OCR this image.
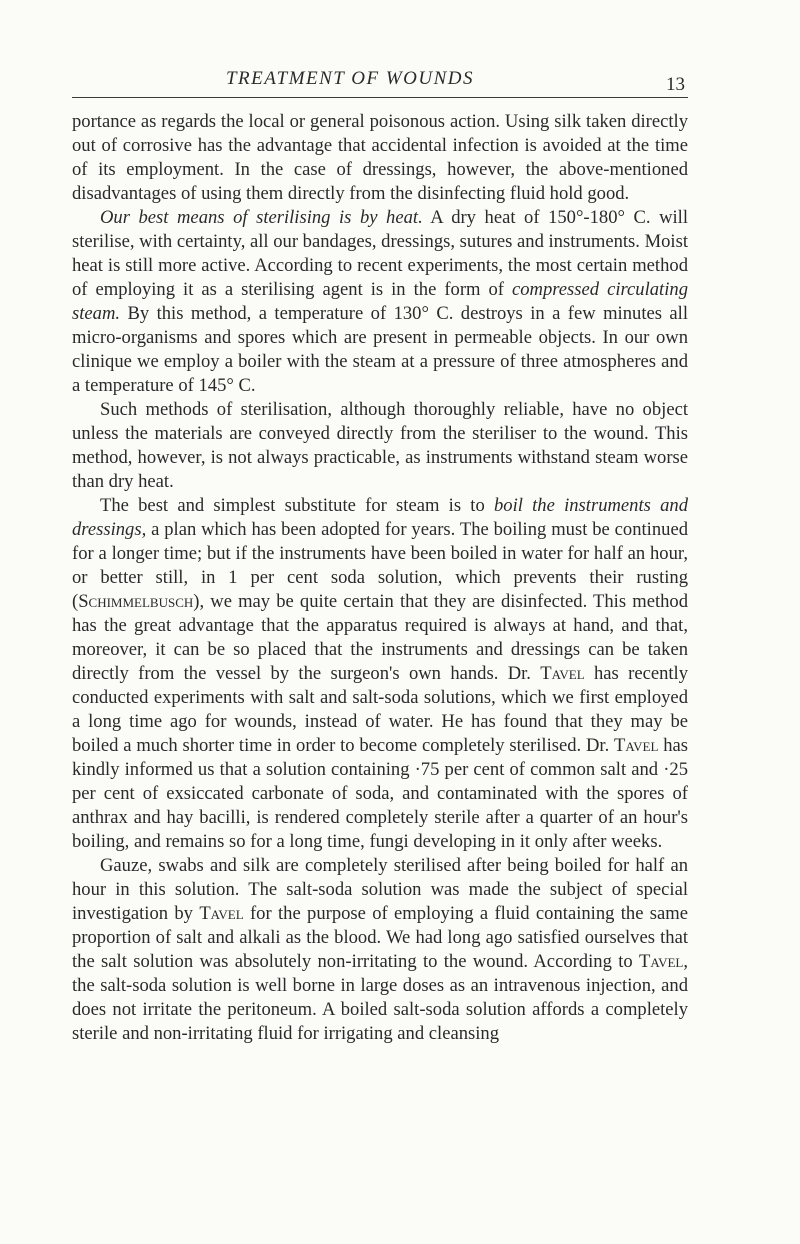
TREATMENT OF WOUNDS	13

portance as regards the local or general poisonous action. Using silk taken directly out of corrosive has the advantage that accidental infection is avoided at the time of its employment. In the case of dressings, however, the above-mentioned disadvantages of using them directly from the disinfecting fluid hold good.

Our best means of sterilising is by heat. A dry heat of 150°-180° C. will sterilise, with certainty, all our bandages, dressings, sutures and instruments. Moist heat is still more active. According to recent experiments, the most certain method of employing it as a sterilising agent is in the form of compressed circulating steam. By this method, a temperature of 130° C. destroys in a few minutes all micro-organisms and spores which are present in permeable objects. In our own clinique we employ a boiler with the steam at a pressure of three atmospheres and a temperature of 145° C.

Such methods of sterilisation, although thoroughly reliable, have no object unless the materials are conveyed directly from the steriliser to the wound. This method, however, is not always practicable, as instruments withstand steam worse than dry heat.

The best and simplest substitute for steam is to boil the instruments and dressings, a plan which has been adopted for years. The boiling must be continued for a longer time; but if the instruments have been boiled in water for half an hour, or better still, in 1 per cent soda solution, which prevents their rusting (Schimmelbusch), we may be quite certain that they are disinfected. This method has the great advantage that the apparatus required is always at hand, and that, moreover, it can be so placed that the instruments and dressings can be taken directly from the vessel by the surgeon's own hands. Dr. Tavel has recently conducted experiments with salt and salt-soda solutions, which we first employed a long time ago for wounds, instead of water. He has found that they may be boiled a much shorter time in order to become completely sterilised. Dr. Tavel has kindly informed us that a solution containing ·75 per cent of common salt and ·25 per cent of exsiccated carbonate of soda, and contaminated with the spores of anthrax and hay bacilli, is rendered completely sterile after a quarter of an hour's boiling, and remains so for a long time, fungi developing in it only after weeks.

Gauze, swabs and silk are completely sterilised after being boiled for half an hour in this solution. The salt-soda solution was made the subject of special investigation by Tavel for the purpose of employing a fluid containing the same proportion of salt and alkali as the blood. We had long ago satisfied ourselves that the salt solution was absolutely non-irritating to the wound. According to Tavel, the salt-soda solution is well borne in large doses as an intravenous injection, and does not irritate the peritoneum. A boiled salt-soda solution affords a completely sterile and non-irritating fluid for irrigating and cleansing
